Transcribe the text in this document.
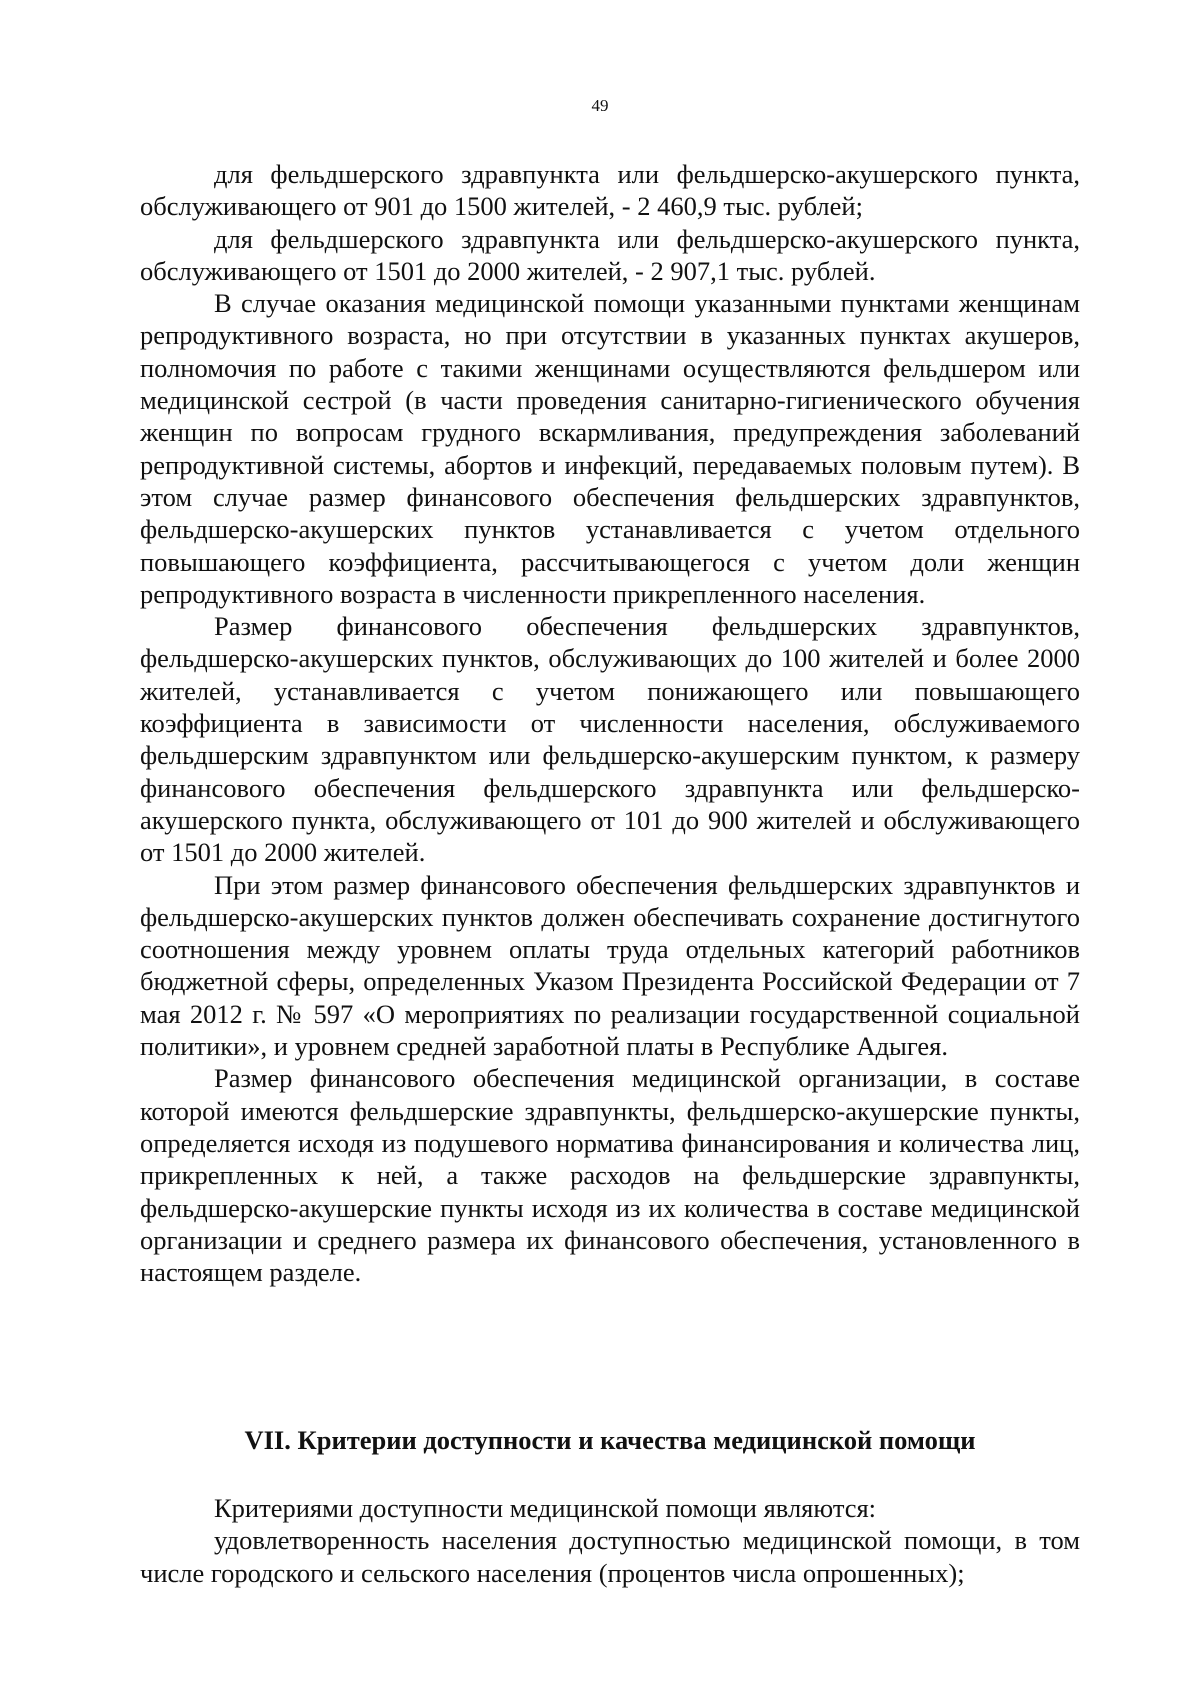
49

для фельдшерского здравпункта или фельдшерско-акушерского пункта, обслуживающего от 901 до 1500 жителей, - 2 460,9 тыс. рублей;

для фельдшерского здравпункта или фельдшерско-акушерского пункта, обслуживающего от 1501 до 2000 жителей, - 2 907,1 тыс. рублей.

В случае оказания медицинской помощи указанными пунктами женщинам репродуктивного возраста, но при отсутствии в указанных пунктах акушеров, полномочия по работе с такими женщинами осуществляются фельдшером или медицинской сестрой (в части проведения санитарно-гигиенического обучения женщин по вопросам грудного вскармливания, предупреждения заболеваний репродуктивной системы, абортов и инфекций, передаваемых половым путем). В этом случае размер финансового обеспечения фельдшерских здравпунктов, фельдшерско-акушерских пунктов устанавливается с учетом отдельного повышающего коэффициента, рассчитывающегося с учетом доли женщин репродуктивного возраста в численности прикрепленного населения.

Размер финансового обеспечения фельдшерских здравпунктов, фельдшерско-акушерских пунктов, обслуживающих до 100 жителей и более 2000 жителей, устанавливается с учетом понижающего или повышающего коэффициента в зависимости от численности населения, обслуживаемого фельдшерским здравпунктом или фельдшерско-акушерским пунктом, к размеру финансового обеспечения фельдшерского здравпункта или фельдшерско-акушерского пункта, обслуживающего от 101 до 900 жителей и обслуживающего от 1501 до 2000 жителей.

При этом размер финансового обеспечения фельдшерских здравпунктов и фельдшерско-акушерских пунктов должен обеспечивать сохранение достигнутого соотношения между уровнем оплаты труда отдельных категорий работников бюджетной сферы, определенных Указом Президента Российской Федерации от 7 мая 2012 г. № 597 «О мероприятиях по реализации государственной социальной политики», и уровнем средней заработной платы в Республике Адыгея.

Размер финансового обеспечения медицинской организации, в составе которой имеются фельдшерские здравпункты, фельдшерско-акушерские пункты, определяется исходя из подушевого норматива финансирования и количества лиц, прикрепленных к ней, а также расходов на фельдшерские здравпункты, фельдшерско-акушерские пункты исходя из их количества в составе медицинской организации и среднего размера их финансового обеспечения, установленного в настоящем разделе.

VII. Критерии доступности и качества медицинской помощи

Критериями доступности медицинской помощи являются:

удовлетворенность населения доступностью медицинской помощи, в том числе городского и сельского населения (процентов числа опрошенных);
